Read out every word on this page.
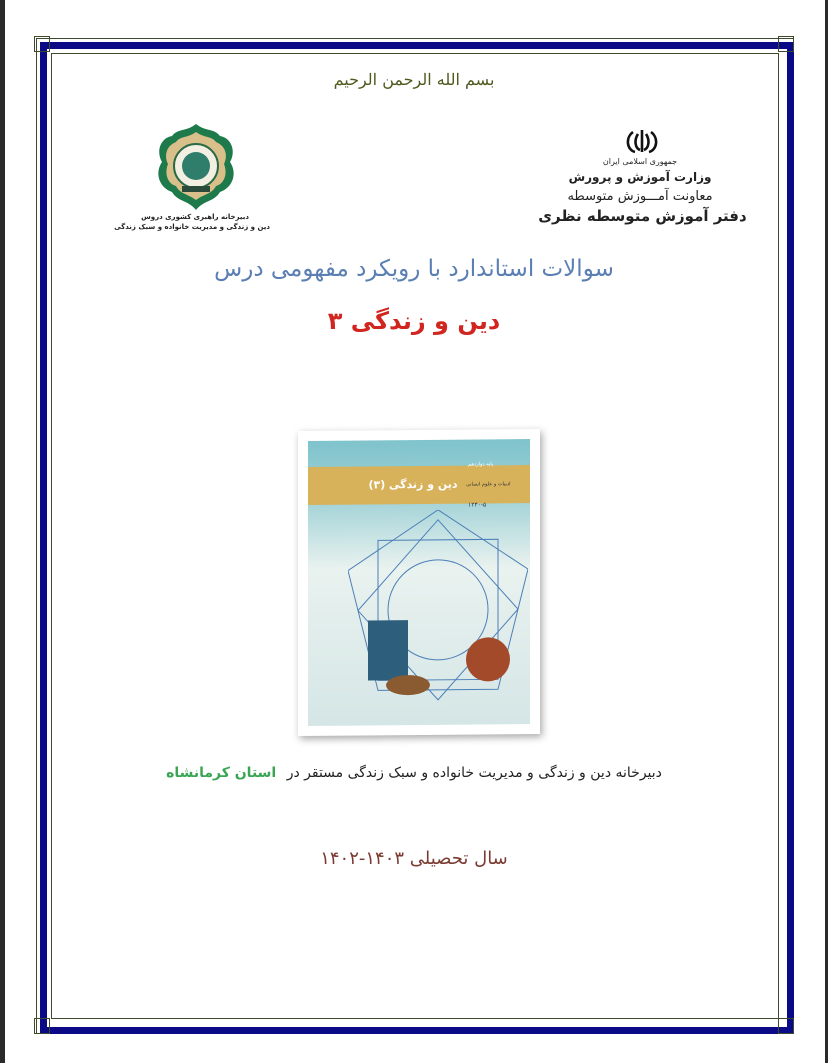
بسم الله الرحمن الرحیم
دبیرخانه راهبری کشوری دروس
دین و زندگی و مدیریت خانواده و سبک زندگی
جمهوری اسلامی ایران
وزارت آموزش و پرورش
معاونت آمـــوزش متوسطه
دفتر آموزش متوسطه نظری
سوالات استاندارد با رویکرد مفهومی درس
دین و زندگی ۳
دین و زندگی (۳)
پایه دوازدهم
ادبیات و علوم انسانی
۱۲۴۰-۵
دبیرخانه دین و زندگی و مدیریت خانواده و سبک زندگی مستقر در استان کرمانشاه
سال تحصیلی ۱۴۰۳-۱۴۰۲
